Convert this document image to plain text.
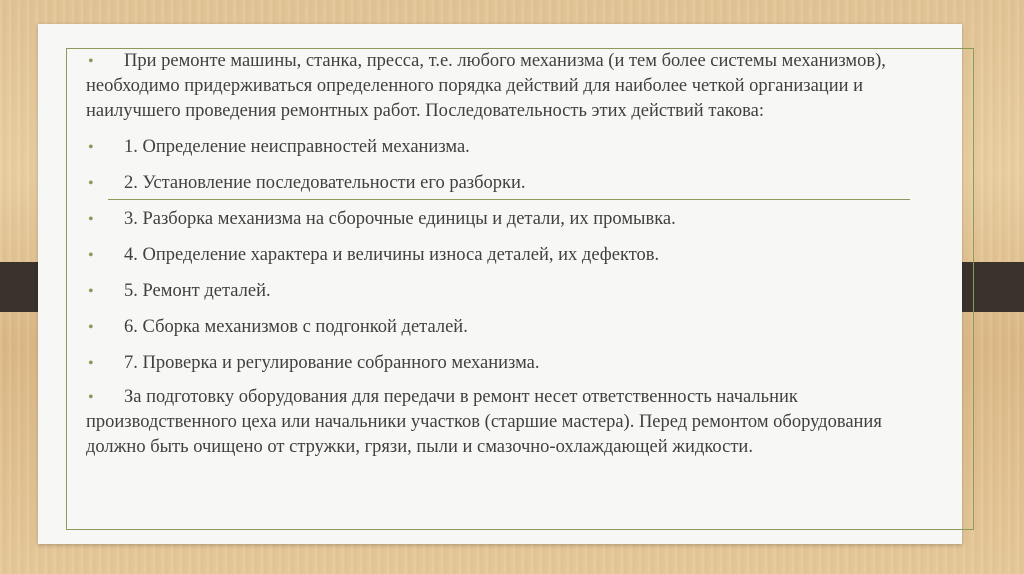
• При ремонте машины, станка, пресса, т.е. любого механизма (и тем более системы механизмов), необходимо придерживаться определенного порядка действий для наиболее четкой организации и наилучшего проведения ремонтных работ. Последовательность этих действий такова:

• 1. Определение неисправностей механизма.
• 2. Установление последовательности его разборки.
• 3. Разборка механизма на сборочные единицы и детали, их промывка.
• 4. Определение характера и величины износа деталей, их дефектов.
• 5. Ремонт деталей.
• 6. Сборка механизмов с подгонкой деталей.
• 7. Проверка и регулирование собранного механизма.

• За подготовку оборудования для передачи в ремонт несет ответственность начальник производственного цеха или начальники участков (старшие мастера). Перед ремонтом оборудования должно быть очищено от стружки, грязи, пыли и смазочно-охлаждающей жидкости.
